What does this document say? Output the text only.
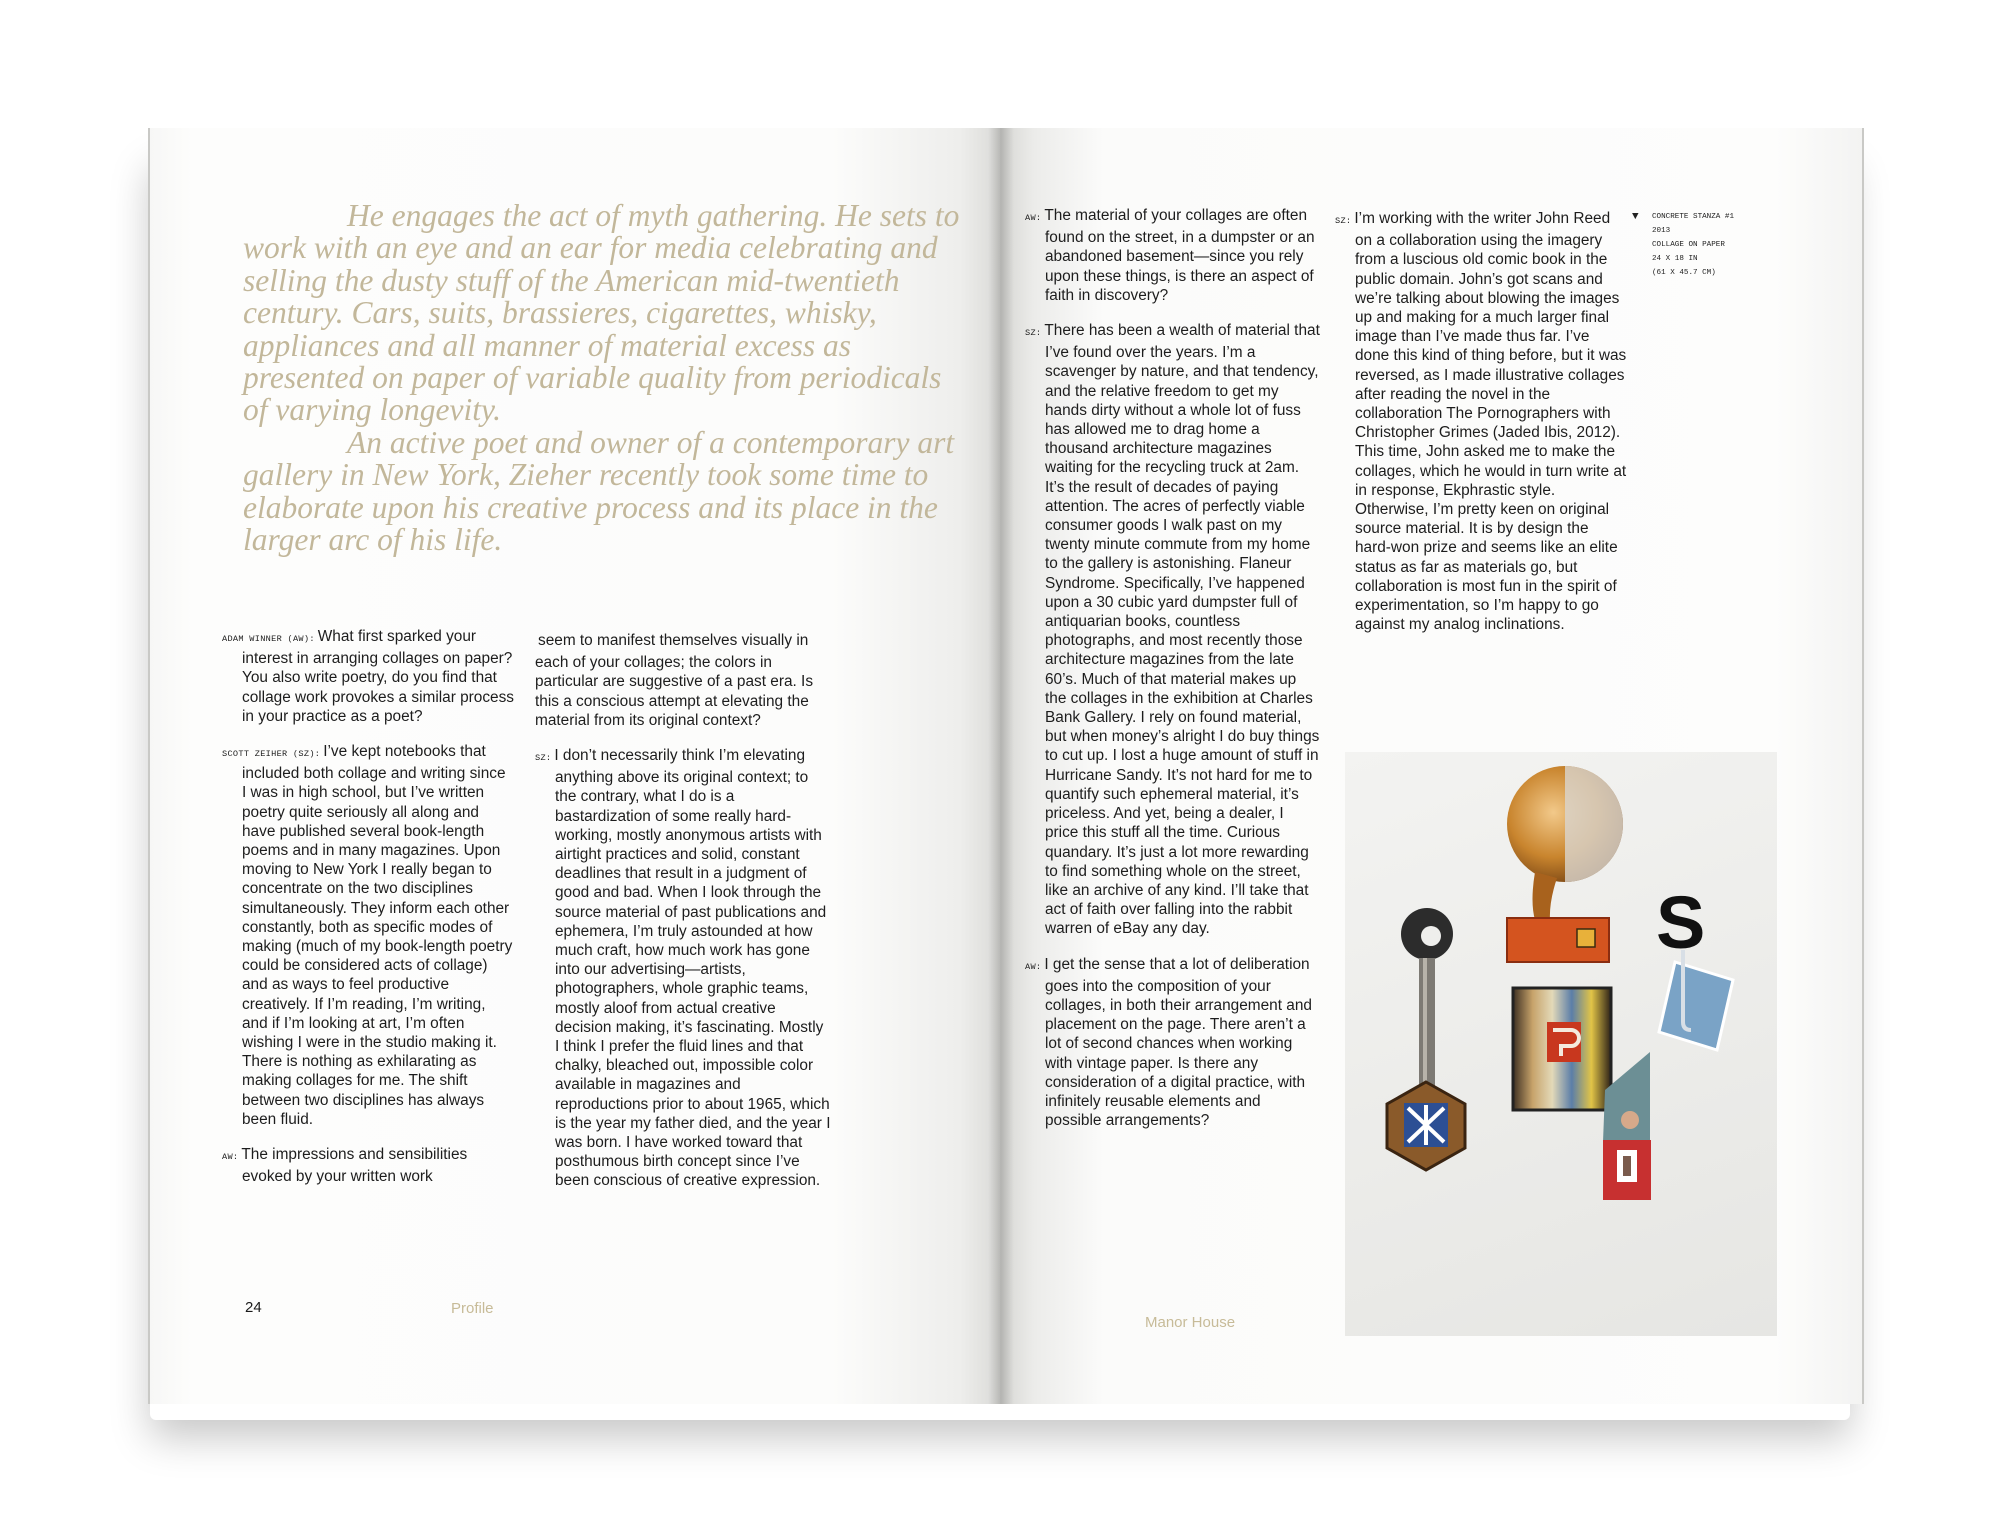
He engages the act of myth gathering. He sets to work with an eye and an ear for media celebrating and selling the dusty stuff of the American mid-twentieth century. Cars, suits, brassieres, cigarettes, whisky, appliances and all manner of material excess as presented on paper of variable quality from periodicals of varying longevity.

An active poet and owner of a contemporary art gallery in New York, Zieher recently took some time to elaborate upon his creative process and its place in the larger arc of his life.

ADAM WINNER (AW): What first sparked your interest in arranging collages on paper? You also write poetry, do you find that collage work provokes a similar process in your practice as a poet?

SCOTT ZEIHER (SZ): I’ve kept notebooks that included both collage and writing since I was in high school, but I’ve written poetry quite seriously all along and have published several book-length poems and in many magazines. Upon moving to New York I really began to concentrate on the two disciplines simultaneously. They inform each other constantly, both as specific modes of making (much of my book-length poetry could be considered acts of collage) and as ways to feel productive creatively. If I’m reading, I’m writing, and if I’m looking at art, I’m often wishing I were in the studio making it. There is nothing as exhilarating as making collages for me. The shift between two disciplines has always been fluid.

AW: The impressions and sensibilities evoked by your written work

seem to manifest themselves visually in each of your collages; the colors in particular are suggestive of a past era. Is this a conscious attempt at elevating the material from its original context?

SZ: I don’t necessarily think I’m elevating anything above its original context; to the contrary, what I do is a bastardization of some really hard-working, mostly anonymous artists with airtight practices and solid, constant deadlines that result in a judgment of good and bad. When I look through the source material of past publications and ephemera, I’m truly astounded at how much craft, how much work has gone into our advertising—artists, photographers, whole graphic teams, mostly aloof from actual creative decision making, it’s fascinating. Mostly I think I prefer the fluid lines and that chalky, bleached out, impossible color available in magazines and reproductions prior to about 1965, which is the year my father died, and the year I was born. I have worked toward that posthumous birth concept since I’ve been conscious of creative expression.

AW: The material of your collages are often found on the street, in a dumpster or an abandoned basement—since you rely upon these things, is there an aspect of faith in discovery?

SZ: There has been a wealth of material that I’ve found over the years. I’m a scavenger by nature, and that tendency, and the relative freedom to get my hands dirty without a whole lot of fuss has allowed me to drag home a thousand architecture magazines waiting for the recycling truck at 2am. It’s the result of decades of paying attention. The acres of perfectly viable consumer goods I walk past on my twenty minute commute from my home to the gallery is astonishing. Flaneur Syndrome. Specifically, I’ve happened upon a 30 cubic yard dumpster full of antiquarian books, countless photographs, and most recently those architecture magazines from the late 60’s. Much of that material makes up the collages in the exhibition at Charles Bank Gallery. I rely on found material, but when money’s alright I do buy things to cut up. I lost a huge amount of stuff in Hurricane Sandy. It’s not hard for me to quantify such ephemeral material, it’s priceless. And yet, being a dealer, I price this stuff all the time. Curious quandary. It’s just a lot more rewarding to find something whole on the street, like an archive of any kind. I’ll take that act of faith over falling into the rabbit warren of eBay any day.

AW: I get the sense that a lot of deliberation goes into the composition of your collages, in both their arrangement and placement on the page. There aren’t a lot of second chances when working with vintage paper. Is there any consideration of a digital practice, with infinitely reusable elements and possible arrangements?

SZ: I’m working with the writer John Reed on a collaboration using the imagery from a luscious old comic book in the public domain. John’s got scans and we’re talking about blowing the images up and making for a much larger final image than I’ve made thus far. I’ve done this kind of thing before, but it was reversed, as I made illustrative collages after reading the novel in the collaboration The Pornographers with Christopher Grimes (Jaded Ibis, 2012). This time, John asked me to make the collages, which he would in turn write at in response, Ekphrastic style. Otherwise, I’m pretty keen on original source material. It is by design the hard-won prize and seems like an elite status as far as materials go, but collaboration is most fun in the spirit of experimentation, so I’m happy to go against my analog inclinations.

▼ CONCRETE STANZA #1
2013
COLLAGE ON PAPER
24 X 18 IN
(61 X 45.7 CM)
S
24	Profile
Manor House
